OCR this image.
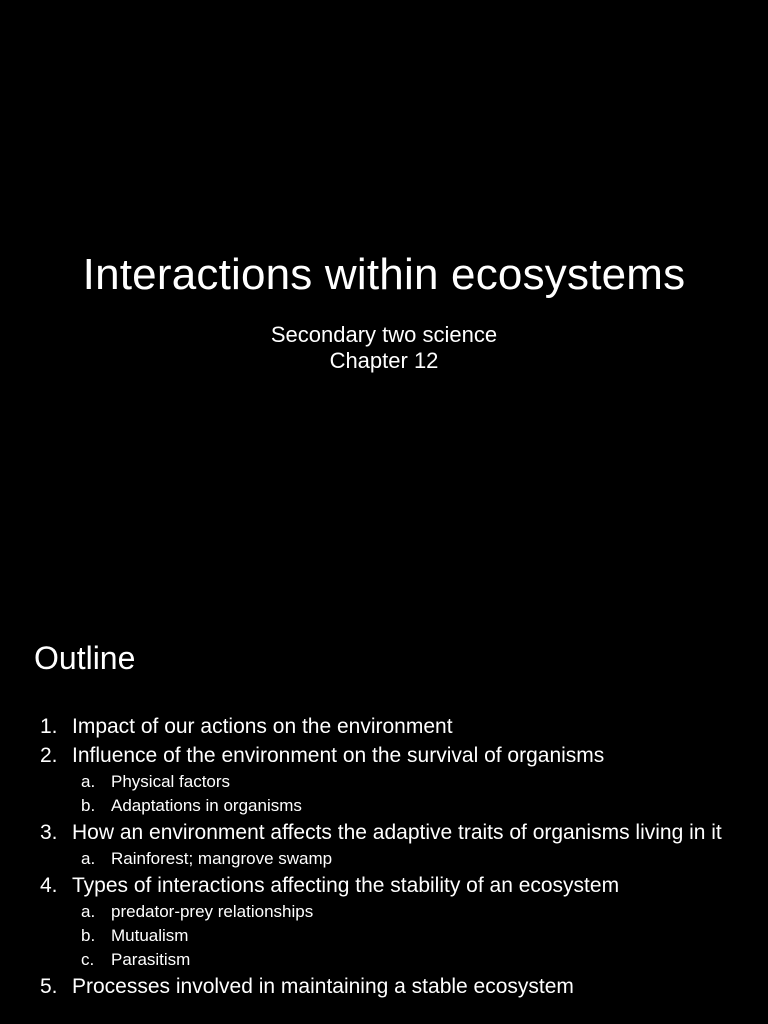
Interactions within ecosystems
Secondary two science
Chapter 12
Outline
1. Impact of our actions on the environment
2. Influence of the environment on the survival of organisms
a. Physical factors
b. Adaptations in organisms
3. How an environment affects the adaptive traits of organisms living in it
a. Rainforest; mangrove swamp
4. Types of interactions affecting the stability of an ecosystem
a. predator-prey relationships
b. Mutualism
c. Parasitism
5. Processes involved in maintaining a stable ecosystem
